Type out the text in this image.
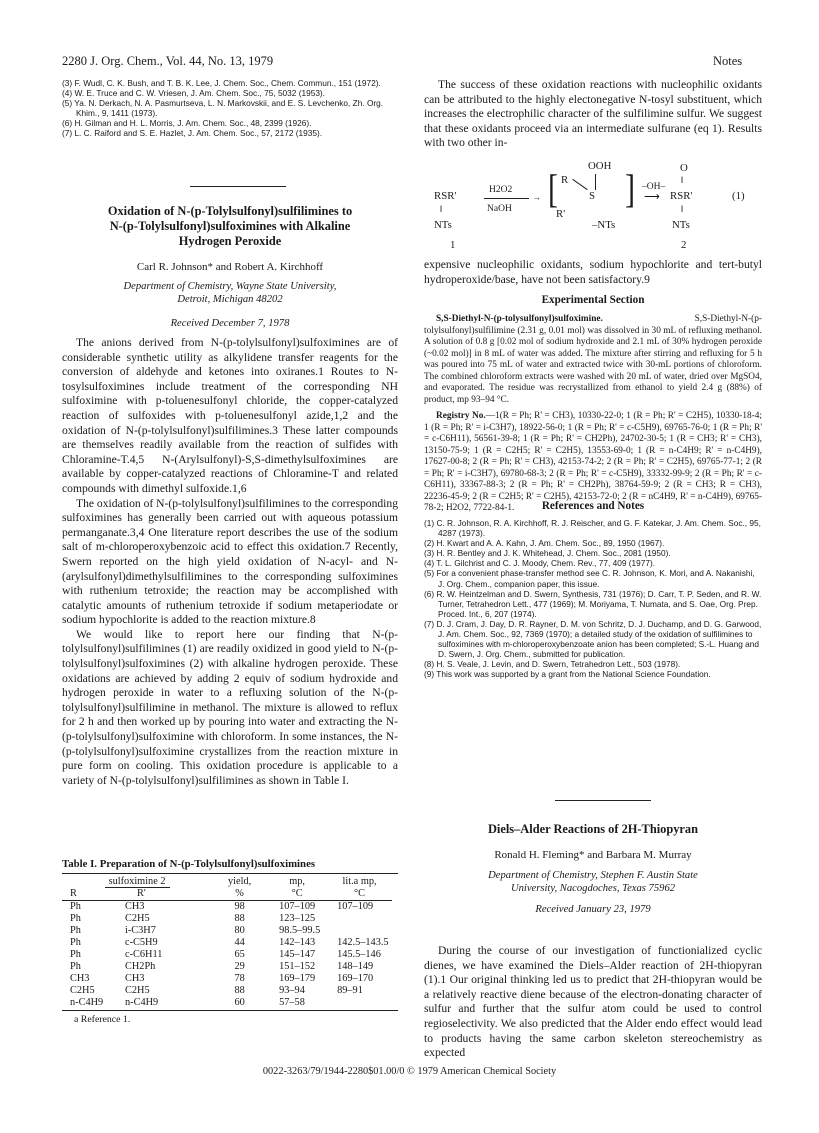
2280 J. Org. Chem., Vol. 44, No. 13, 1979	Notes

(3) F. Wudl, C. K. Bush, and T. B. K. Lee, J. Chem. Soc., Chem. Commun., 151 (1972).

(4) W. E. Truce and C. W. Vriesen, J. Am. Chem. Soc., 75, 5032 (1953).

(5) Ya. N. Derkach, N. A. Pasmurtseva, L. N. Markovskii, and E. S. Levchenko, Zh. Org. Khim., 9, 1411 (1973).

(6) H. Gilman and H. L. Morris, J. Am. Chem. Soc., 48, 2399 (1926).

(7) L. C. Raiford and S. E. Hazlet, J. Am. Chem. Soc., 57, 2172 (1935).

Oxidation of N-(p-Tolylsulfonyl)sulfilimines to
N-(p-Tolylsulfonyl)sulfoximines with Alkaline
Hydrogen Peroxide
Carl R. Johnson* and Robert A. Kirchhoff
Department of Chemistry, Wayne State University,
Detroit, Michigan 48202
Received December 7, 1978

The anions derived from N-(p-tolylsulfonyl)sulfoximines are of considerable synthetic utility as alkylidene transfer reagents for the conversion of aldehyde and ketones into oxiranes.1 Routes to N-tosylsulfoximines include treatment of the corresponding NH sulfoximine with p-toluenesulfonyl chloride, the copper-catalyzed reaction of sulfoxides with p-toluenesulfonyl azide,1,2 and the oxidation of N-(p-tolylsulfonyl)sulfilimines.3 These latter compounds are themselves readily available from the reaction of sulfides with Chloramine-T.4,5 N-(Arylsulfonyl)-S,S-dimethylsulfoximines are available by copper-catalyzed reactions of Chloramine-T and related compounds with dimethyl sulfoxide.1,6

The oxidation of N-(p-tolylsulfonyl)sulfilimines to the corresponding sulfoximines has generally been carried out with aqueous potassium permanganate.3,4 One literature report describes the use of the sodium salt of m-chloroperoxybenzoic acid to effect this oxidation.7 Recently, Swern reported on the high yield oxidation of N-acyl- and N-(arylsulfonyl)dimethylsulfilimines to the corresponding sulfoximines with ruthenium tetroxide; the reaction may be accomplished with catalytic amounts of ruthenium tetroxide if sodium metaperiodate or sodium hypochlorite is added to the reaction mixture.8

We would like to report here our finding that N-(p-tolylsulfonyl)sulfilimines (1) are readily oxidized in good yield to N-(p-tolylsulfonyl)sulfoximines (2) with alkaline hydrogen peroxide. These oxidations are achieved by adding 2 equiv of sodium hydroxide and hydrogen peroxide in water to a refluxing solution of the N-(p-tolylsulfonyl)sulfilimine in methanol. The mixture is allowed to reflux for 2 h and then worked up by pouring into water and extracting the N-(p-tolylsulfonyl)sulfoximine with chloroform. In some instances, the N-(p-tolylsulfonyl)sulfoximine crystallizes from the reaction mixture in pure form on cooling. This oxidation procedure is applicable to a variety of N-(p-tolylsulfonyl)sulfilimines as shown in Table I.

Table I. Preparation of N-(p-Tolylsulfonyl)sulfoximines
sulfoximine 2		yield,	mp,	lit.a mp,
R	R'	%	°C	°C
Ph	CH3	98	107–109	107–109
Ph	C2H5	88	123–125	
Ph	i-C3H7	80	98.5–99.5	
Ph	c-C5H9	44	142–143	142.5–143.5
Ph	c-C6H11	65	145–147	145.5–146
Ph	CH2Ph	29	151–152	148–149
CH3	CH3	78	169–179	169–170
C2H5	C2H5	88	93–94	89–91
n-C4H9	n-C4H9	60	57–58	
a Reference 1.

The success of these oxidation reactions with nucleophilic oxidants can be attributed to the highly electonegative N-tosyl substituent, which increases the electrophilic character of the sulfilimine sulfur. We suggest that these oxidants proceed via an intermediate sulfurane (eq 1). Results with two other in-

RSR'
‖
NTs
1
H2O2
→
NaOH [
OOH
R
S
R'
–NTs
] –OH–
⟶
O
‖
RSR'
‖
NTs
2
(1)

expensive nucleophilic oxidants, sodium hypochlorite and tert-butyl hydroperoxide/base, have not been satisfactory.9

Experimental Section

S,S-Diethyl-N-(p-tolysulfonyl)sulfoximine.	S,S-Diethyl-N-(p-tolylsulfonyl)sulfilimine (2.31 g, 0.01 mol) was dissolved in 30 mL of refluxing methanol. A solution of 0.8 g [0.02 mol of sodium hydroxide and 2.1 mL of 30% hydrogen peroxide (~0.02 mol)] in 8 mL of water was added. The mixture after stirring and refluxing for 5 h was poured into 75 mL of water and extracted twice with 30-mL portions of chloroform. The combined chloroform extracts were washed with 20 mL of water, dried over MgSO4, and evaporated. The residue was recrystallized from ethanol to yield 2.4 g (88%) of product, mp 93–94 °C.

Registry No.—1(R = Ph; R' = CH3), 10330-22-0; 1 (R = Ph; R' = C2H5), 10330-18-4; 1 (R = Ph; R' = i-C3H7), 18922-56-0; 1 (R = Ph; R' = c-C5H9), 69765-76-0; 1 (R = Ph; R' = c-C6H11), 56561-39-8; 1 (R = Ph; R' = CH2Ph), 24702-30-5; 1 (R = CH3; R' = CH3), 13150-75-9; 1 (R = C2H5; R' = C2H5), 13553-69-0; 1 (R = n-C4H9; R' = n-C4H9), 17627-00-8; 2 (R = Ph; R' = CH3), 42153-74-2; 2 (R = Ph; R' = C2H5), 69765-77-1; 2 (R = Ph; R' = i-C3H7), 69780-68-3; 2 (R = Ph; R' = c-C5H9), 33332-99-9; 2 (R = Ph; R' = c-C6H11), 33367-88-3; 2 (R = Ph; R' = CH2Ph), 38764-59-9; 2 (R = CH3; R = CH3), 22236-45-9; 2 (R = C2H5; R' = C2H5), 42153-72-0; 2 (R = nC4H9, R' = n-C4H9), 69765-78-2; H2O2, 7722-84-1.	References and Notes

(1) C. R. Johnson, R. A. Kirchhoff, R. J. Reischer, and G. F. Katekar, J. Am. Chem. Soc., 95, 4287 (1973).

(2) H. Kwart and A. A. Kahn, J. Am. Chem. Soc., 89, 1950 (1967).

(3) H. R. Bentley and J. K. Whitehead, J. Chem. Soc., 2081 (1950).

(4) T. L. Gilchrist and C. J. Moody, Chem. Rev., 77, 409 (1977).

(5) For a convenient phase-transfer method see C. R. Johnson, K. Mori, and A. Nakanishi, J. Org. Chem., companion paper, this issue.

(6) R. W. Heintzelman and D. Swern, Synthesis, 731 (1976); D. Carr, T. P. Seden, and R. W. Turner, Tetrahedron Lett., 477 (1969); M. Moriyama, T. Numata, and S. Oae, Org. Prep. Proced. Int., 6, 207 (1974).

(7) D. J. Cram, J. Day, D. R. Rayner, D. M. von Schritz, D. J. Duchamp, and D. G. Garwood, J. Am. Chem. Soc., 92, 7369 (1970); a detailed study of the oxidation of sulfilimines to sulfoximines with m-chloroperoxybenzoate anion has been completed; S.-L. Huang and D. Swern, J. Org. Chem., submitted for publication.

(8) H. S. Veale, J. Levin, and D. Swern, Tetrahedron Lett., 503 (1978).

(9) This work was supported by a grant from the National Science Foundation.

Diels–Alder Reactions of 2H-Thiopyran
Ronald H. Fleming* and Barbara M. Murray
Department of Chemistry, Stephen F. Austin State
University, Nacogdoches, Texas 75962
Received January 23, 1979

During the course of our investigation of functionialized cyclic dienes, we have examined the Diels–Alder reaction of 2H-thiopyran (1).1 Our original thinking led us to predict that 2H-thiopyran would be a relatively reactive diene because of the electron-donating character of sulfur and further that the sulfur atom could be used to control regioselectivity. We also predicted that the Alder endo effect would lead to products having the same carbon skeleton stereochemistry as expected

0022-3263/79/1944-2280$01.00/0 © 1979 American Chemical Society
